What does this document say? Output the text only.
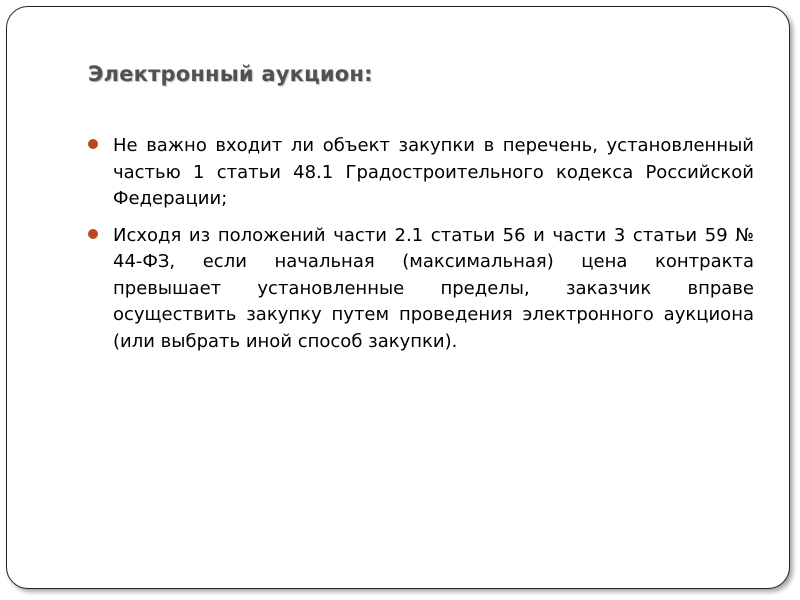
Электронный аукцион:
Не важно входит ли объект закупки в перечень, установленный частью 1 статьи 48.1 Градостроительного кодекса Российской Федерации;
Исходя из положений части 2.1 статьи 56 и части 3 статьи 59 № 44-ФЗ, если начальная (максимальная) цена контракта превышает установленные пределы, заказчик вправе осуществить закупку путем проведения электронного аукциона (или выбрать иной способ закупки).
